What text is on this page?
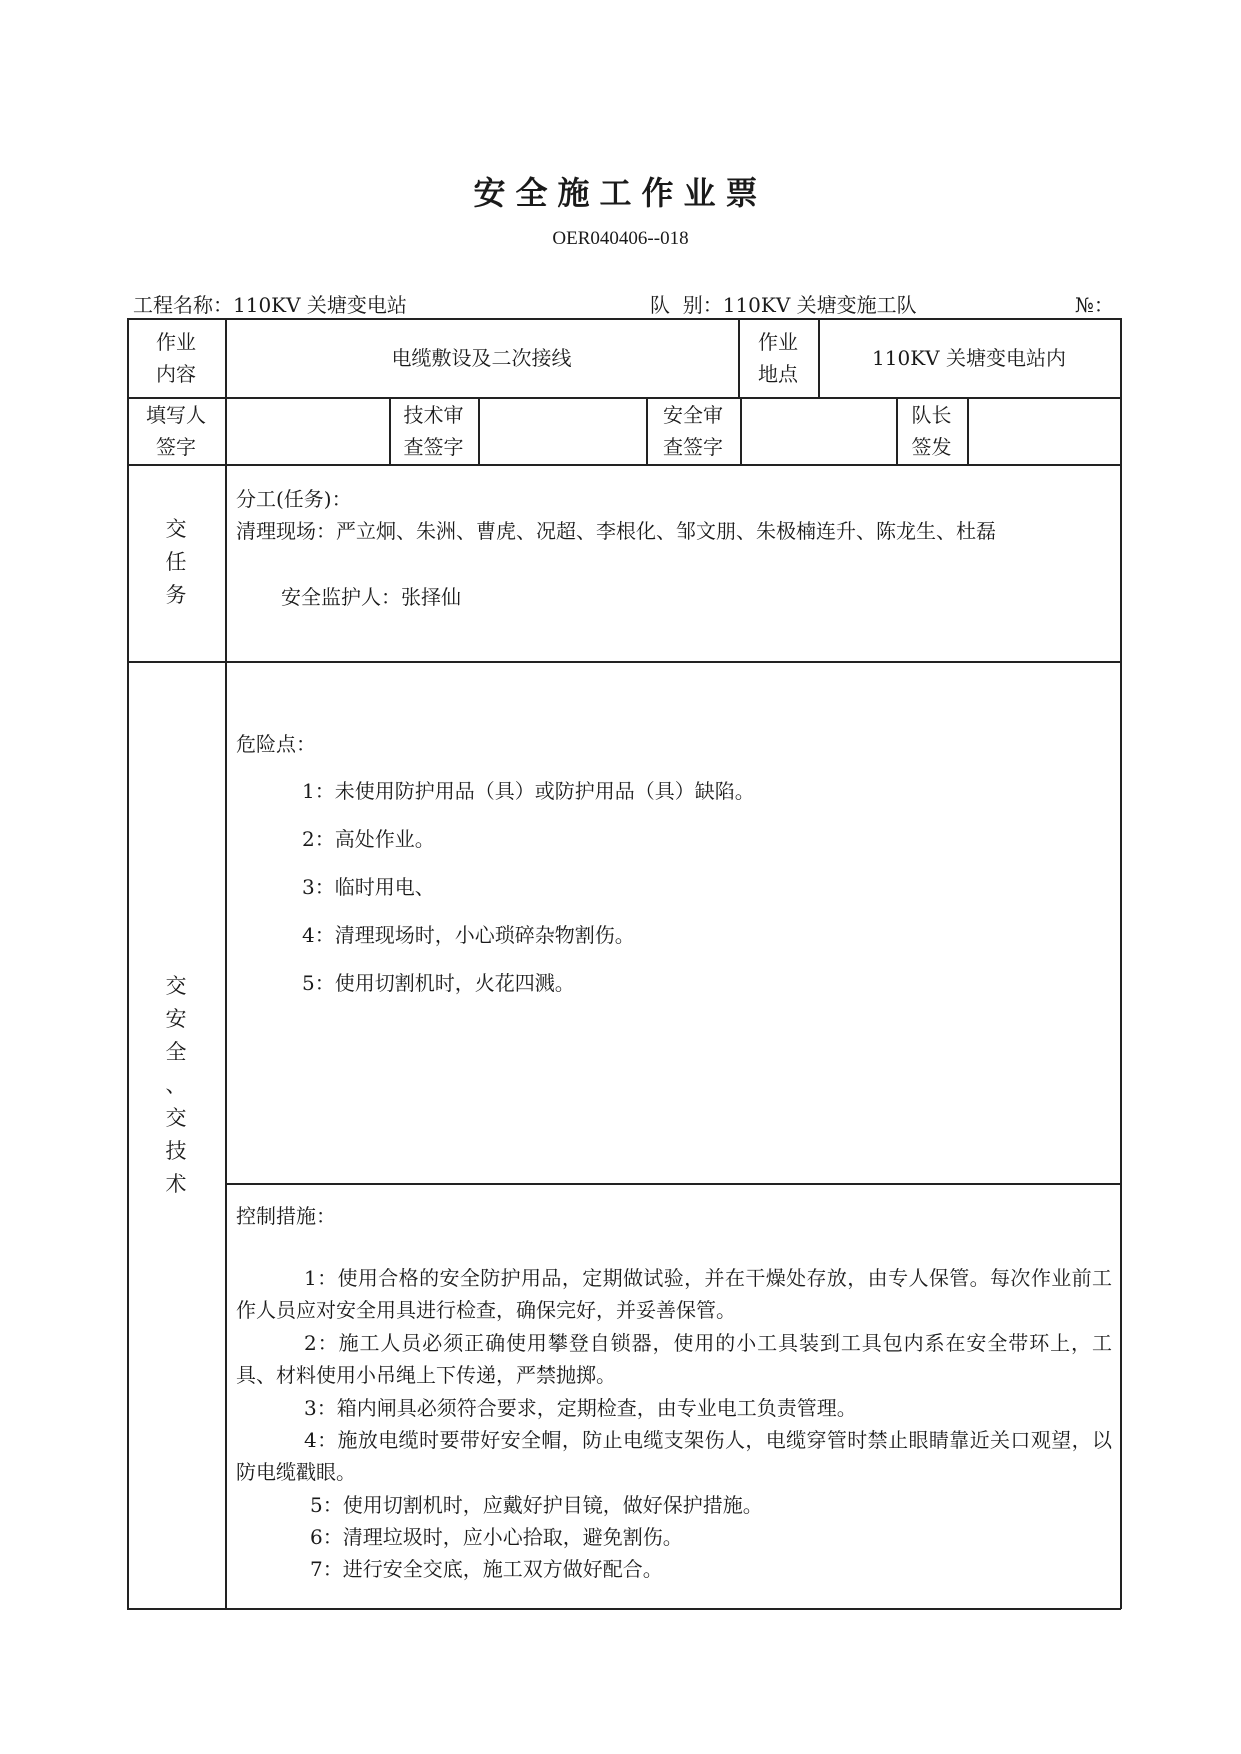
安全施工作业票
OER040406--018
工程名称：110KV 关塘变电站	队  别：110KV 关塘变施工队	№：
作业
内容
电缆敷设及二次接线
作业
地点
110KV 关塘变电站内
填写人
签字
技术审
查签字
安全审
查签字
队长
签发
交
任
务
分工(任务)：
清理现场：严立炯、朱洲、曹虎、况超、李根化、邹文朋、朱极楠连升、陈龙生、杜磊
安全监护人：张择仙
交
安
全
、
交
技
术
危险点：
1：未使用防护用品（具）或防护用品（具）缺陷。
2：高处作业。
3：临时用电、
4：清理现场时，小心琐碎杂物割伤。
5：使用切割机时，火花四溅。
控制措施：
1：使用合格的安全防护用品，定期做试验，并在干燥处存放，由专人保管。每次作业前工作人员应对安全用具进行检查，确保完好，并妥善保管。
2：施工人员必须正确使用攀登自锁器，使用的小工具装到工具包内系在安全带环上，工具、材料使用小吊绳上下传递，严禁抛掷。
3：箱内闸具必须符合要求，定期检查，由专业电工负责管理。
4：施放电缆时要带好安全帽，防止电缆支架伤人，电缆穿管时禁止眼睛靠近关口观望，以防电缆戳眼。
5：使用切割机时，应戴好护目镜，做好保护措施。
6：清理垃圾时，应小心拾取，避免割伤。
7：进行安全交底，施工双方做好配合。
